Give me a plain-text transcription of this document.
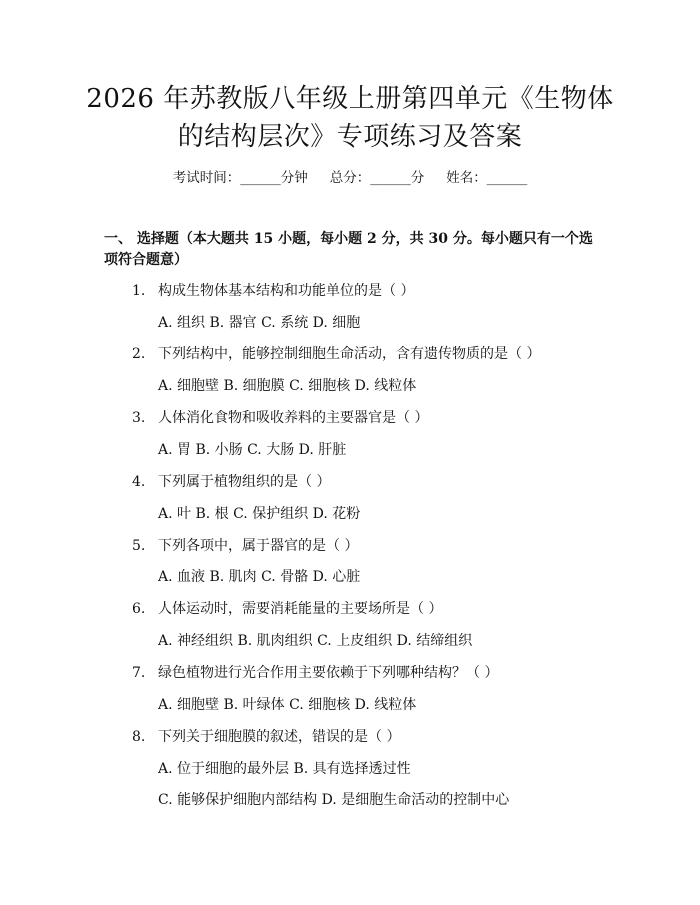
2026 年苏教版八年级上册第四单元《生物体
的结构层次》专项练习及答案
考试时间：______分钟 总分：______分 姓名：______
一、 选择题（本大题共 15 小题，每小题 2 分，共 30 分。每小题只有一个选项符合题意）
1. 构成生物体基本结构和功能单位的是（ ）
A. 组织 B. 器官 C. 系统 D. 细胞
2. 下列结构中，能够控制细胞生命活动，含有遗传物质的是（ ）
A. 细胞壁 B. 细胞膜 C. 细胞核 D. 线粒体
3. 人体消化食物和吸收养料的主要器官是（ ）
A. 胃 B. 小肠 C. 大肠 D. 肝脏
4. 下列属于植物组织的是（ ）
A. 叶 B. 根 C. 保护组织 D. 花粉
5. 下列各项中，属于器官的是（ ）
A. 血液 B. 肌肉 C. 骨骼 D. 心脏
6. 人体运动时，需要消耗能量的主要场所是（ ）
A. 神经组织 B. 肌肉组织 C. 上皮组织 D. 结缔组织
7. 绿色植物进行光合作用主要依赖于下列哪种结构？（ ）
A. 细胞壁 B. 叶绿体 C. 细胞核 D. 线粒体
8. 下列关于细胞膜的叙述，错误的是（ ）
A. 位于细胞的最外层 B. 具有选择透过性
C. 能够保护细胞内部结构 D. 是细胞生命活动的控制中心
